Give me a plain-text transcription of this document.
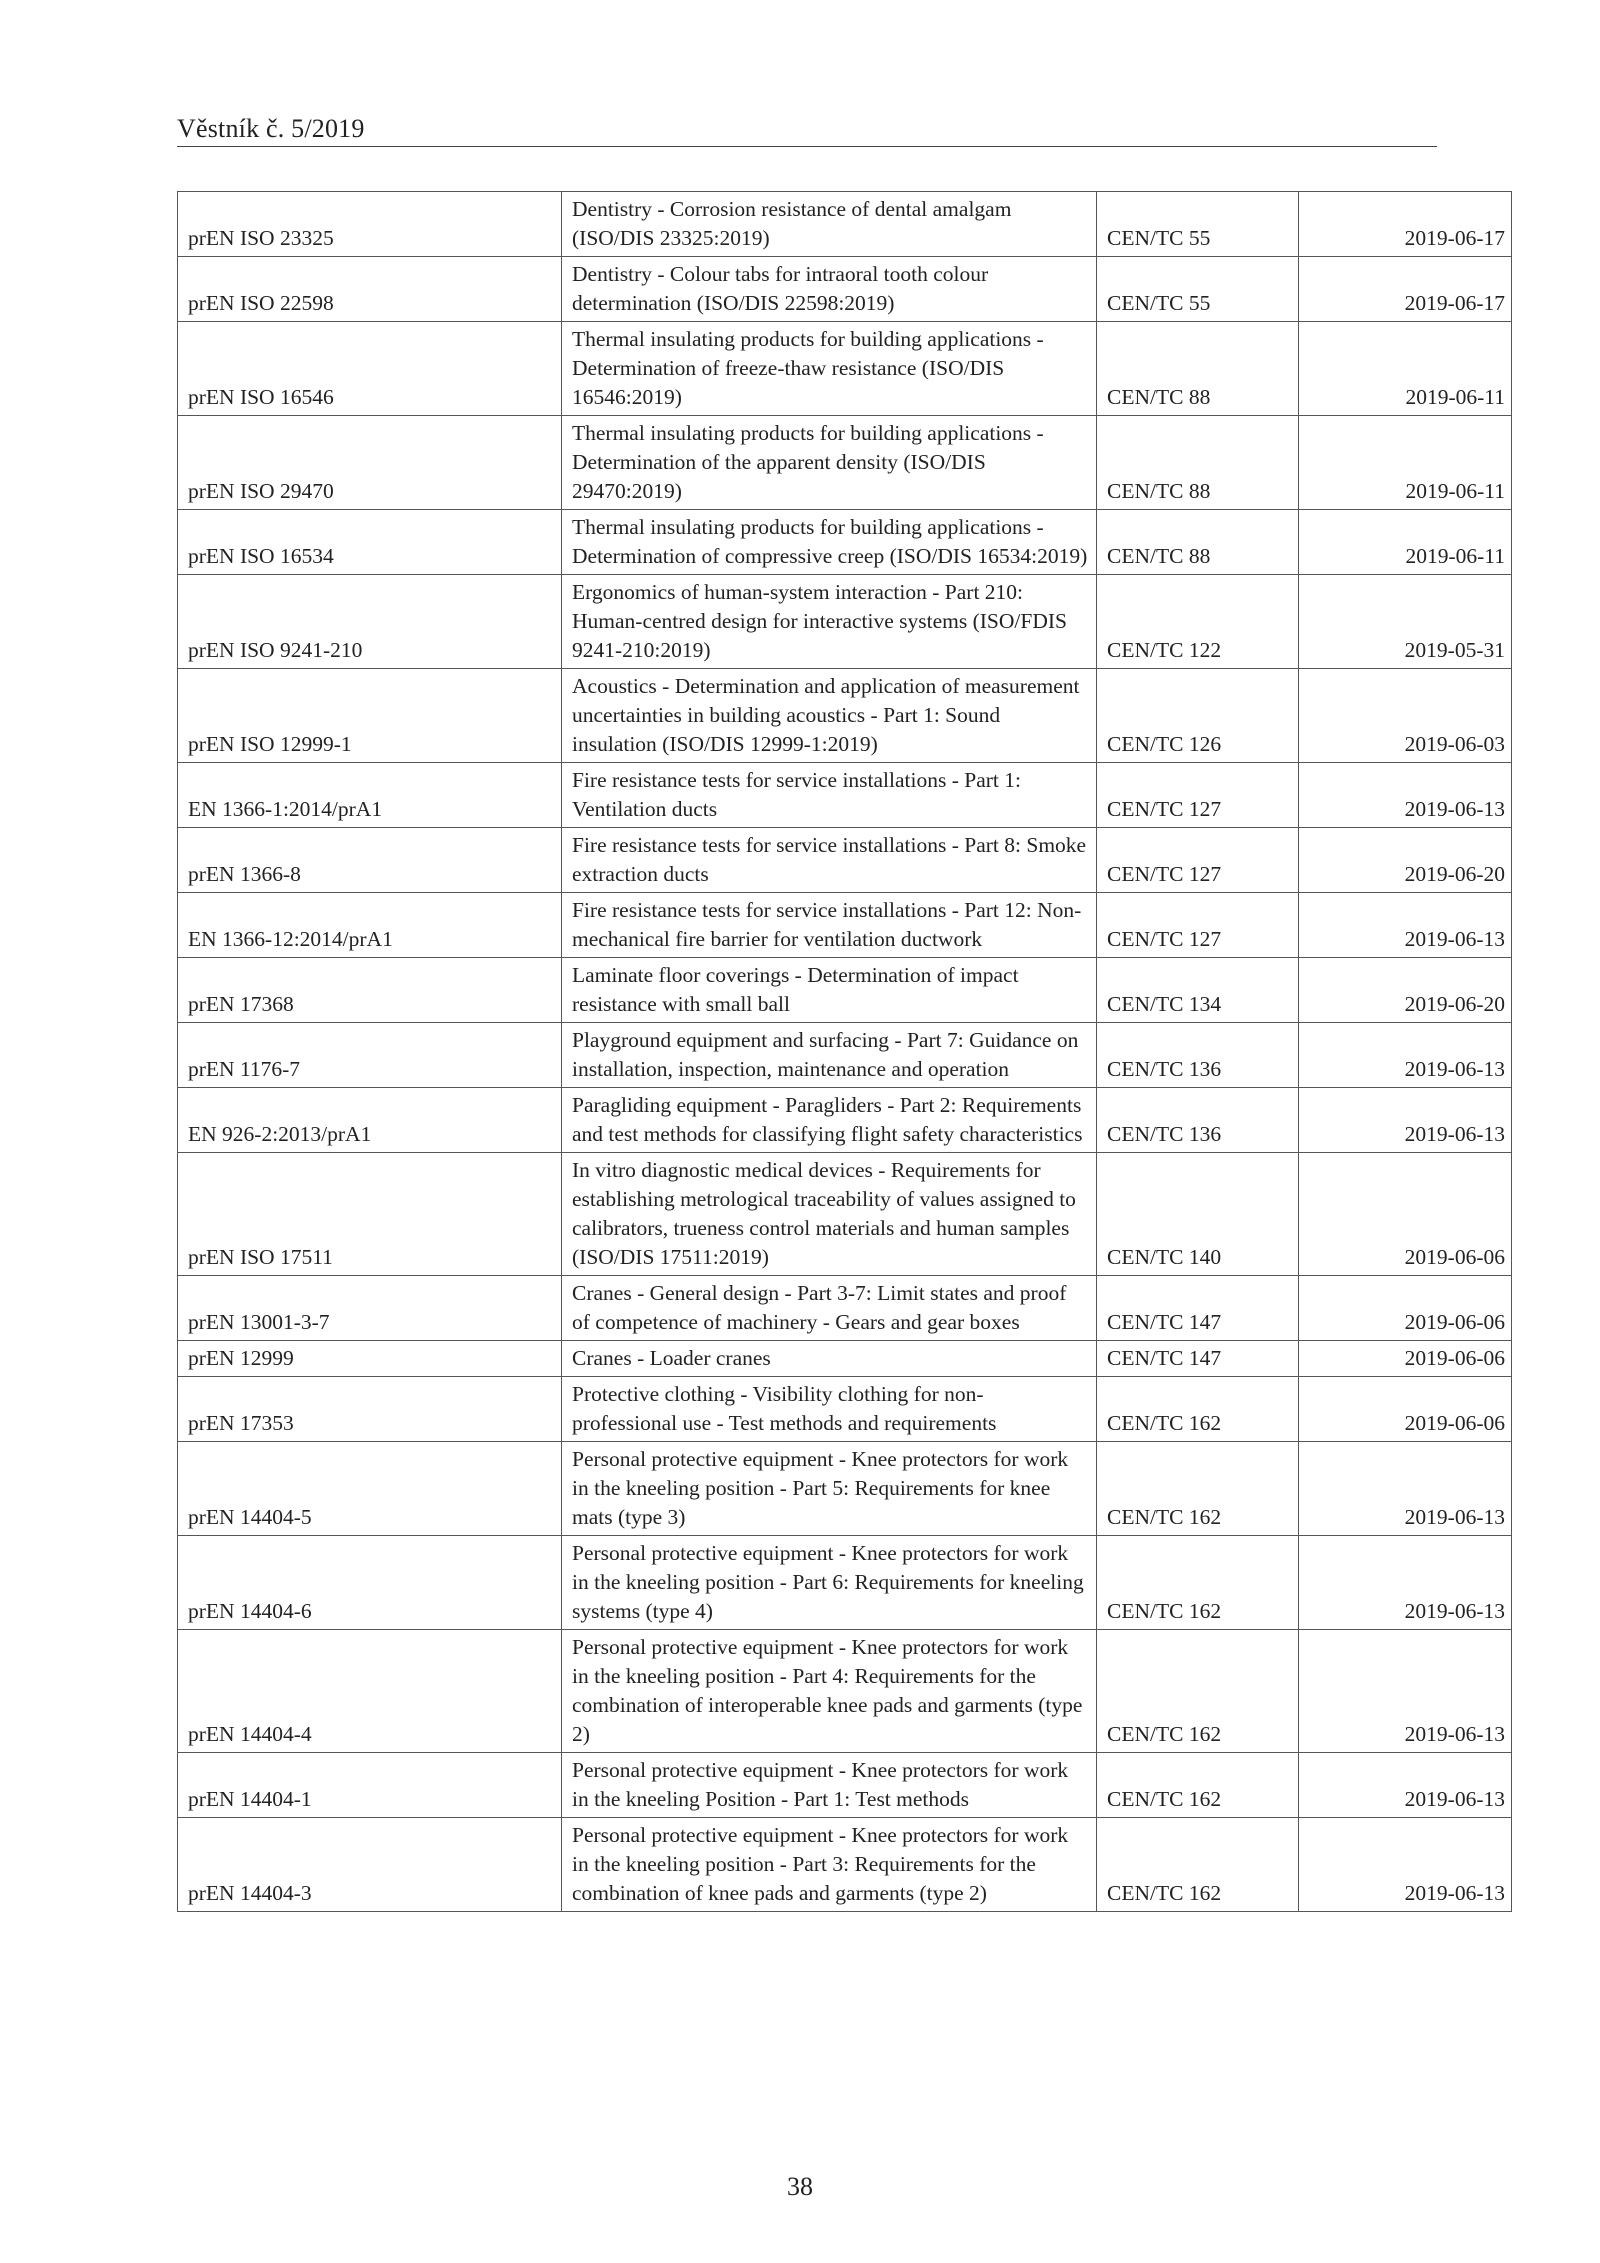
Věstník č. 5/2019
prEN ISO 23325	Dentistry - Corrosion resistance of dental amalgam (ISO/DIS 23325:2019)	CEN/TC 55	2019-06-17
prEN ISO 22598	Dentistry - Colour tabs for intraoral tooth colour determination (ISO/DIS 22598:2019)	CEN/TC 55	2019-06-17
prEN ISO 16546	Thermal insulating products for building applications - Determination of freeze-thaw resistance (ISO/DIS 16546:2019)	CEN/TC 88	2019-06-11
prEN ISO 29470	Thermal insulating products for building applications - Determination of the apparent density (ISO/DIS 29470:2019)	CEN/TC 88	2019-06-11
prEN ISO 16534	Thermal insulating products for building applications - Determination of compressive creep (ISO/DIS 16534:2019)	CEN/TC 88	2019-06-11
prEN ISO 9241-210	Ergonomics of human-system interaction - Part 210: Human-centred design for interactive systems (ISO/FDIS 9241-210:2019)	CEN/TC 122	2019-05-31
prEN ISO 12999-1	Acoustics - Determination and application of measurement uncertainties in building acoustics - Part 1: Sound insulation (ISO/DIS 12999-1:2019)	CEN/TC 126	2019-06-03
EN 1366-1:2014/prA1	Fire resistance tests for service installations - Part 1: Ventilation ducts	CEN/TC 127	2019-06-13
prEN 1366-8	Fire resistance tests for service installations - Part 8: Smoke extraction ducts	CEN/TC 127	2019-06-20
EN 1366-12:2014/prA1	Fire resistance tests for service installations - Part 12: Non-mechanical fire barrier for ventilation ductwork	CEN/TC 127	2019-06-13
prEN 17368	Laminate floor coverings - Determination of impact resistance with small ball	CEN/TC 134	2019-06-20
prEN 1176-7	Playground equipment and surfacing - Part 7: Guidance on installation, inspection, maintenance and operation	CEN/TC 136	2019-06-13
EN 926-2:2013/prA1	Paragliding equipment - Paragliders - Part 2: Requirements and test methods for classifying flight safety characteristics	CEN/TC 136	2019-06-13
prEN ISO 17511	In vitro diagnostic medical devices - Requirements for establishing metrological traceability of values assigned to calibrators, trueness control materials and human samples (ISO/DIS 17511:2019)	CEN/TC 140	2019-06-06
prEN 13001-3-7	Cranes - General design - Part 3-7: Limit states and proof of competence of machinery - Gears and gear boxes	CEN/TC 147	2019-06-06
prEN 12999	Cranes - Loader cranes	CEN/TC 147	2019-06-06
prEN 17353	Protective clothing - Visibility clothing for non-professional use - Test methods and requirements	CEN/TC 162	2019-06-06
prEN 14404-5	Personal protective equipment - Knee protectors for work in the kneeling position - Part 5: Requirements for knee mats (type 3)	CEN/TC 162	2019-06-13
prEN 14404-6	Personal protective equipment - Knee protectors for work in the kneeling position - Part 6: Requirements for kneeling systems (type 4)	CEN/TC 162	2019-06-13
prEN 14404-4	Personal protective equipment - Knee protectors for work in the kneeling position - Part 4: Requirements for the combination of interoperable knee pads and garments (type 2)	CEN/TC 162	2019-06-13
prEN 14404-1	Personal protective equipment - Knee protectors for work in the kneeling Position - Part 1: Test methods	CEN/TC 162	2019-06-13
prEN 14404-3	Personal protective equipment - Knee protectors for work in the kneeling position - Part 3: Requirements for the combination of knee pads and garments (type 2)	CEN/TC 162	2019-06-13
38
